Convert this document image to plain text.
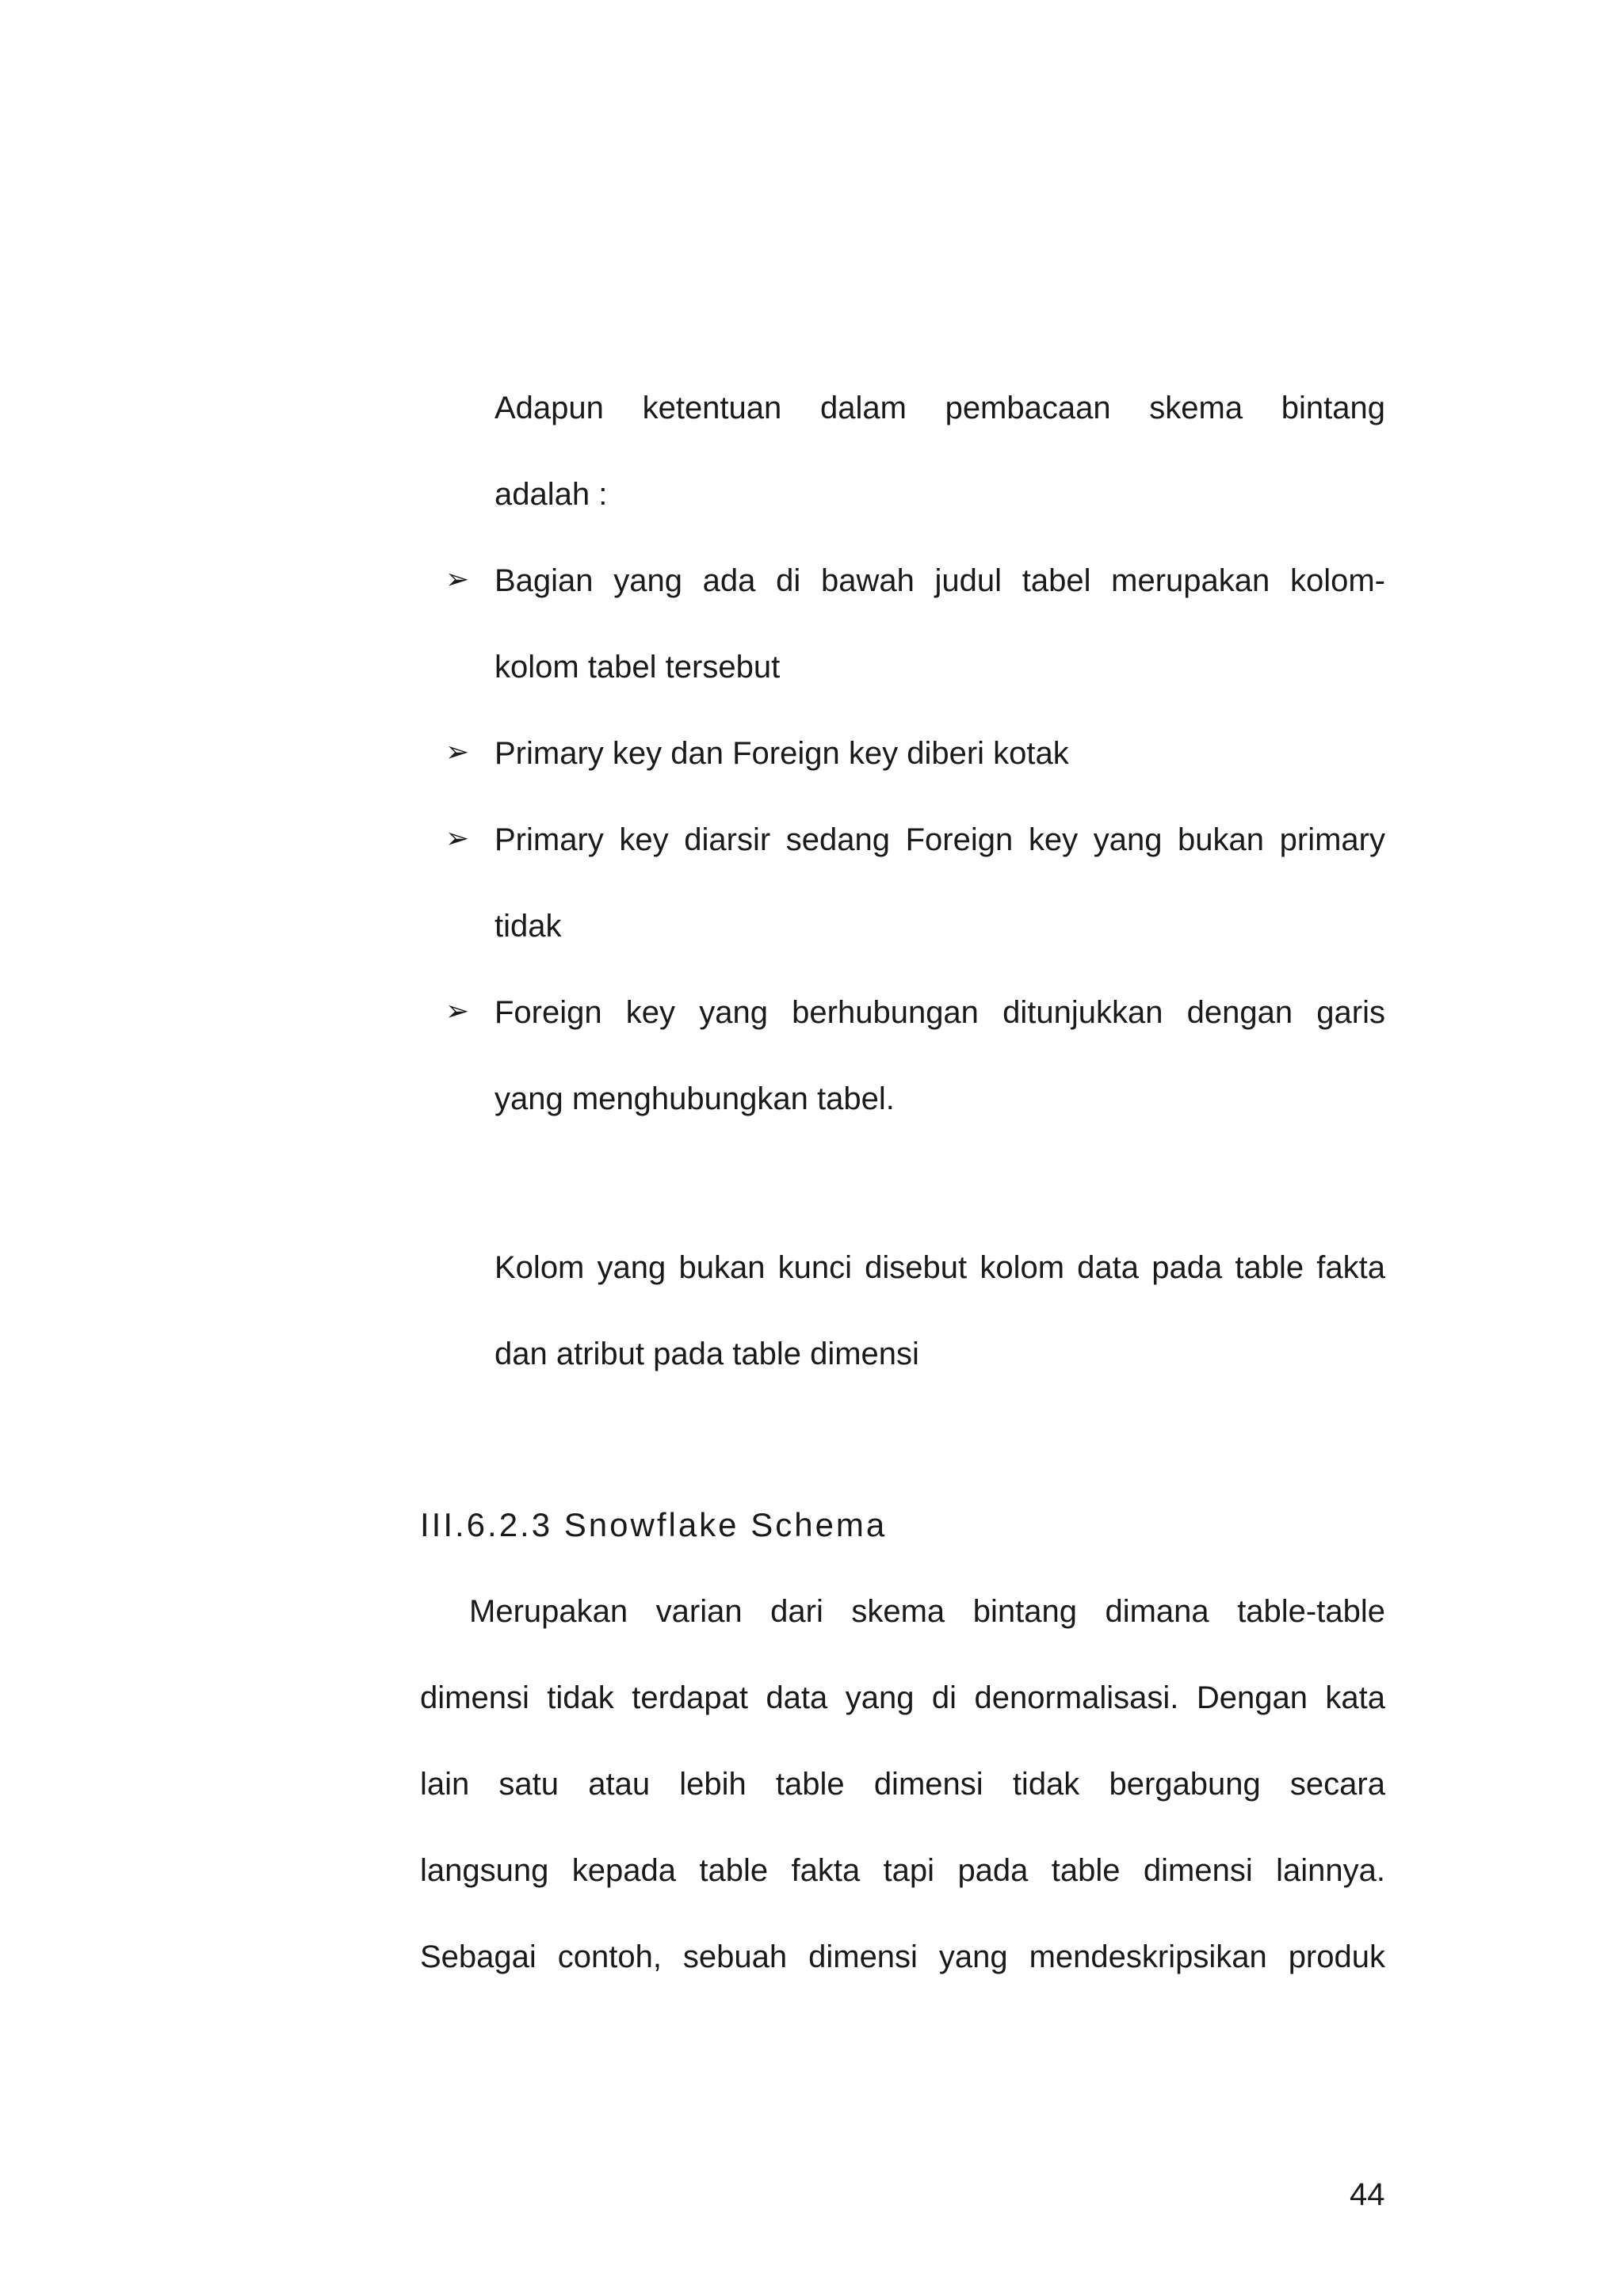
Adapun ketentuan dalam pembacaan skema bintang
adalah :
➢ Bagian yang ada di bawah judul tabel merupakan kolom-
kolom tabel tersebut
➢ Primary key dan Foreign key diberi kotak
➢ Primary key diarsir sedang Foreign key yang bukan primary
tidak
➢ Foreign key yang berhubungan ditunjukkan dengan garis
yang menghubungkan tabel.
Kolom yang bukan kunci disebut kolom data pada table fakta
dan atribut pada table dimensi
III.6.2.3 Snowflake Schema
Merupakan varian dari skema bintang dimana table-table
dimensi tidak terdapat data yang di denormalisasi. Dengan kata
lain satu atau lebih table dimensi tidak bergabung secara
langsung kepada table fakta tapi pada table dimensi lainnya.
Sebagai contoh, sebuah dimensi yang mendeskripsikan produk
44
